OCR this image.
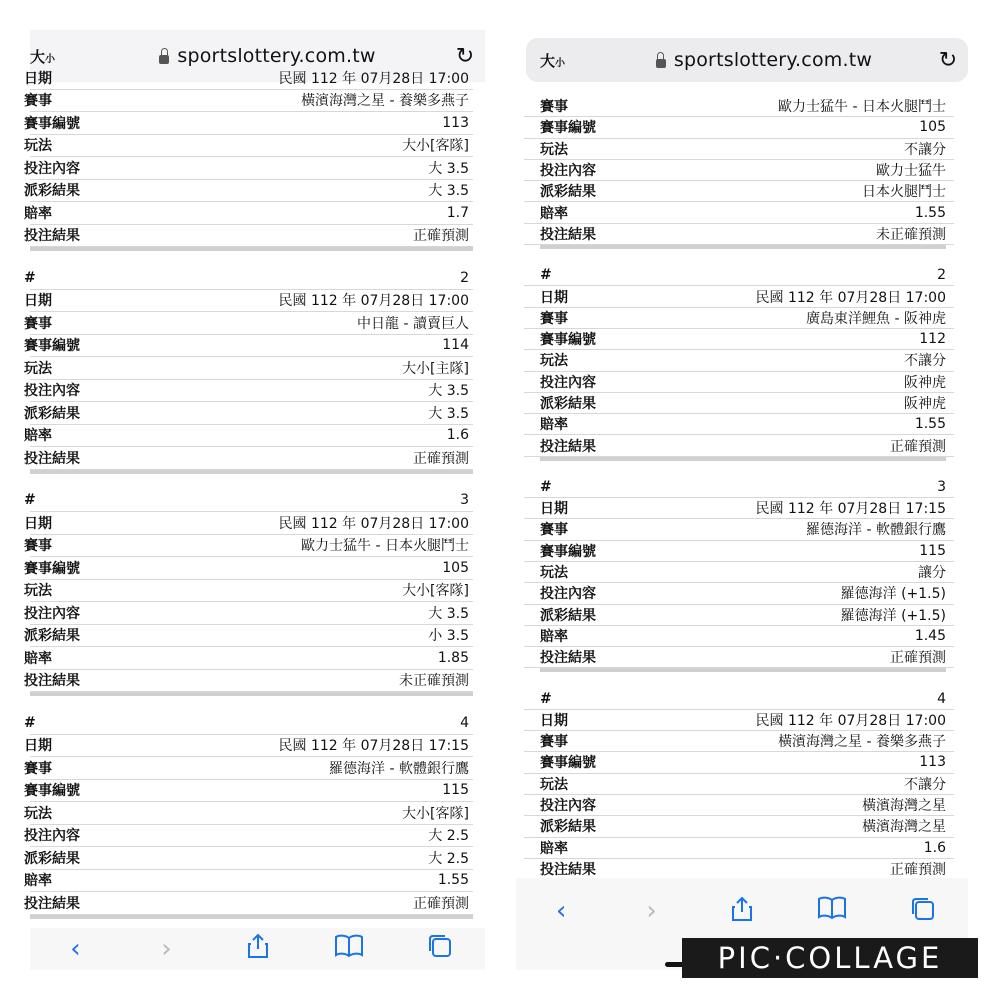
大小	sportslottery.com.tw	↻
日期	民國 112 年 07月28日 17:00
賽事	橫濱海灣之星 - 養樂多燕子
賽事編號	113
玩法	大小[客隊]
投注內容	大 3.5
派彩結果	大 3.5
賠率	1.7
投注結果	正確預測
#	2
日期	民國 112 年 07月28日 17:00
賽事	中日龍 - 讀賣巨人
賽事編號	114
玩法	大小[主隊]
投注內容	大 3.5
派彩結果	大 3.5
賠率	1.6
投注結果	正確預測
#	3
日期	民國 112 年 07月28日 17:00
賽事	歐力士猛牛 - 日本火腿鬥士
賽事編號	105
玩法	大小[客隊]
投注內容	大 3.5
派彩結果	小 3.5
賠率	1.85
投注結果	未正確預測
#	4
日期	民國 112 年 07月28日 17:15
賽事	羅德海洋 - 軟體銀行鷹
賽事編號	115
玩法	大小[客隊]
投注內容	大 2.5
派彩結果	大 2.5
賠率	1.55
投注結果	正確預測
‹	›
大小	sportslottery.com.tw	↻
賽事	歐力士猛牛 - 日本火腿鬥士
賽事編號	105
玩法	不讓分
投注內容	歐力士猛牛
派彩結果	日本火腿鬥士
賠率	1.55
投注結果	未正確預測
#	2
日期	民國 112 年 07月28日 17:00
賽事	廣島東洋鯉魚 - 阪神虎
賽事編號	112
玩法	不讓分
投注內容	阪神虎
派彩結果	阪神虎
賠率	1.55
投注結果	正確預測
#	3
日期	民國 112 年 07月28日 17:15
賽事	羅德海洋 - 軟體銀行鷹
賽事編號	115
玩法	讓分
投注內容	羅德海洋 (+1.5)
派彩結果	羅德海洋 (+1.5)
賠率	1.45
投注結果	正確預測
#	4
日期	民國 112 年 07月28日 17:00
賽事	橫濱海灣之星 - 養樂多燕子
賽事編號	113
玩法	不讓分
投注內容	橫濱海灣之星
派彩結果	橫濱海灣之星
賠率	1.6
投注結果	正確預測
‹	›
PIC·COLLAGE
